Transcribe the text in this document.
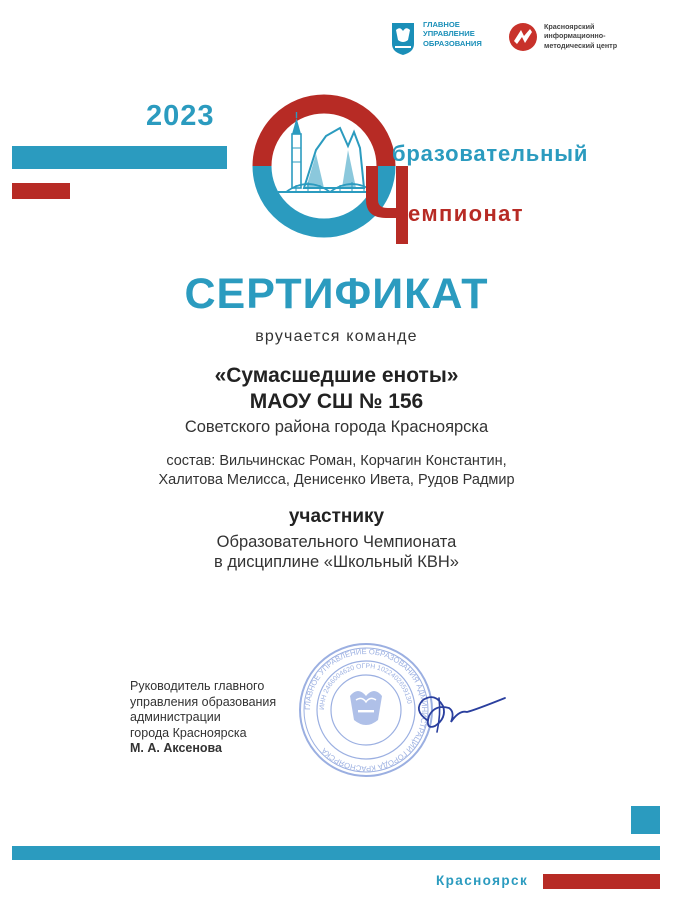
ГЛАВНОЕ
УПРАВЛЕНИЕ
ОБРАЗОВАНИЯ
Красноярский
информационно-
методический центр
2023
бразовательный
емпионат
СЕРТИФИКАТ
вручается команде
«Сумасшедшие еноты»
МАОУ СШ № 156
Советского района города Красноярска
состав: Вильчинскас Роман, Корчагин Константин,
Халитова Мелисса, Денисенко Ивета, Рудов Радмир
участнику
Образовательного Чемпионата
в дисциплине «Школьный КВН»
Руководитель главного
управления образования
администрации
города Красноярска
М. А. Аксенова
ГЛАВНОЕ УПРАВЛЕНИЕ ОБРАЗОВАНИЯ АДМИНИСТРАЦИИ ГОРОДА КРАСНОЯРСКА
ИНН 2466004620 ОГРН 1022402659130
Красноярск
